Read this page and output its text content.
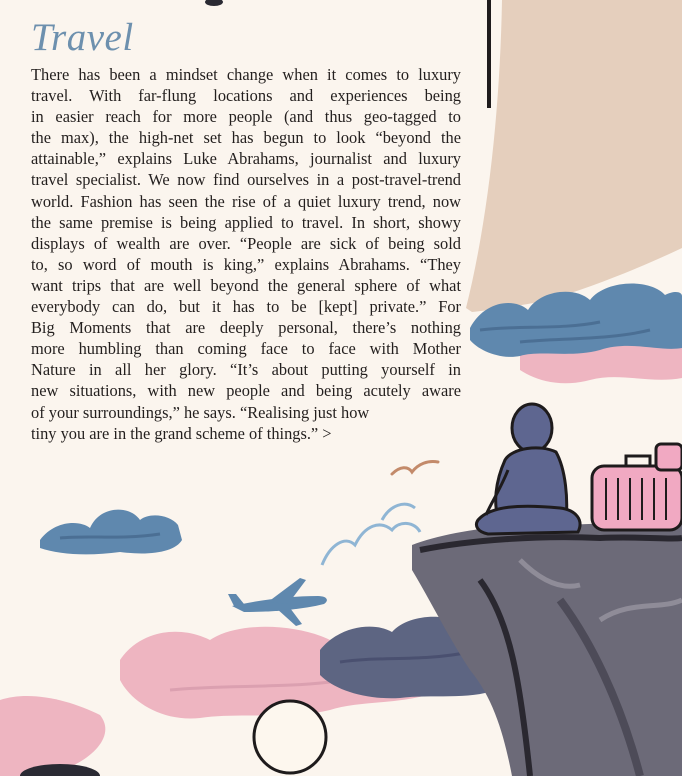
Travel
There has been a mindset change when it comes to luxury
travel. With far-flung locations and experiences being
in easier reach for more people (and thus geo-tagged to
the max), the high-net set has begun to look “beyond the
attainable,” explains Luke Abrahams, journalist and luxury
travel specialist. We now find ourselves in a post-travel-trend
world. Fashion has seen the rise of a quiet luxury trend, now
the same premise is being applied to travel. In short, showy
displays of wealth are over. “People are sick of being sold
to, so word of mouth is king,” explains Abrahams. “They
want trips that are well beyond the general sphere of what
everybody can do, but it has to be [kept] private.” For
Big Moments that are deeply personal, there’s nothing
more humbling than coming face to face with Mother
Nature in all her glory. “It’s about putting yourself in
new situations, with new people and being acutely aware
of your surroundings,” he says. “Realising just how
tiny you are in the grand scheme of things.” >
